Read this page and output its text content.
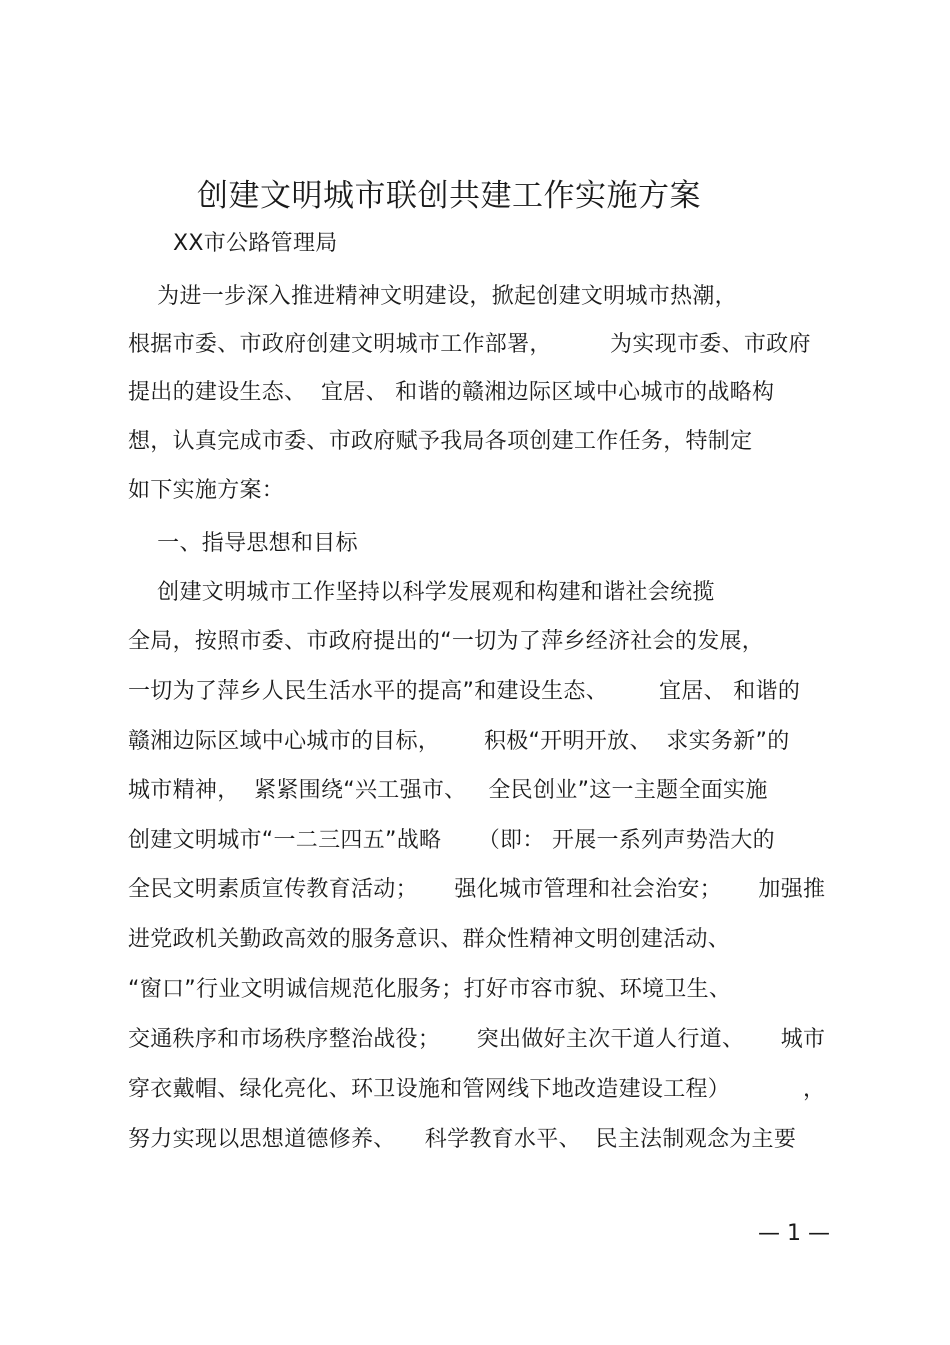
创建文明城市联创共建工作实施方案
XX市公路管理局
为进一步深入推进精神文明建设，掀起创建文明城市热潮，
根据市委、市政府创建文明城市工作部署，        为实现市委、市政府
提出的建设生态、  宜居、 和谐的赣湘边际区域中心城市的战略构
想，认真完成市委、市政府赋予我局各项创建工作任务，特制定
如下实施方案：
一、指导思想和目标
创建文明城市工作坚持以科学发展观和构建和谐社会统揽
全局，按照市委、市政府提出的“一切为了萍乡经济社会的发展，
一切为了萍乡人民生活水平的提高”和建设生态、       宜居、 和谐的
赣湘边际区域中心城市的目标，      积极“开明开放、  求实务新”的
城市精神，  紧紧围绕“兴工强市、   全民创业”这一主题全面实施
创建文明城市“一二三四五”战略     （即： 开展一系列声势浩大的
全民文明素质宣传教育活动；     强化城市管理和社会治安；     加强推
进党政机关勤政高效的服务意识、群众性精神文明创建活动、
“窗口”行业文明诚信规范化服务；打好市容市貌、环境卫生、
交通秩序和市场秩序整治战役；     突出做好主次干道人行道、     城市
穿衣戴帽、绿化亮化、环卫设施和管网线下地改造建设工程）          ，
努力实现以思想道德修养、    科学教育水平、  民主法制观念为主要
— 1 —
